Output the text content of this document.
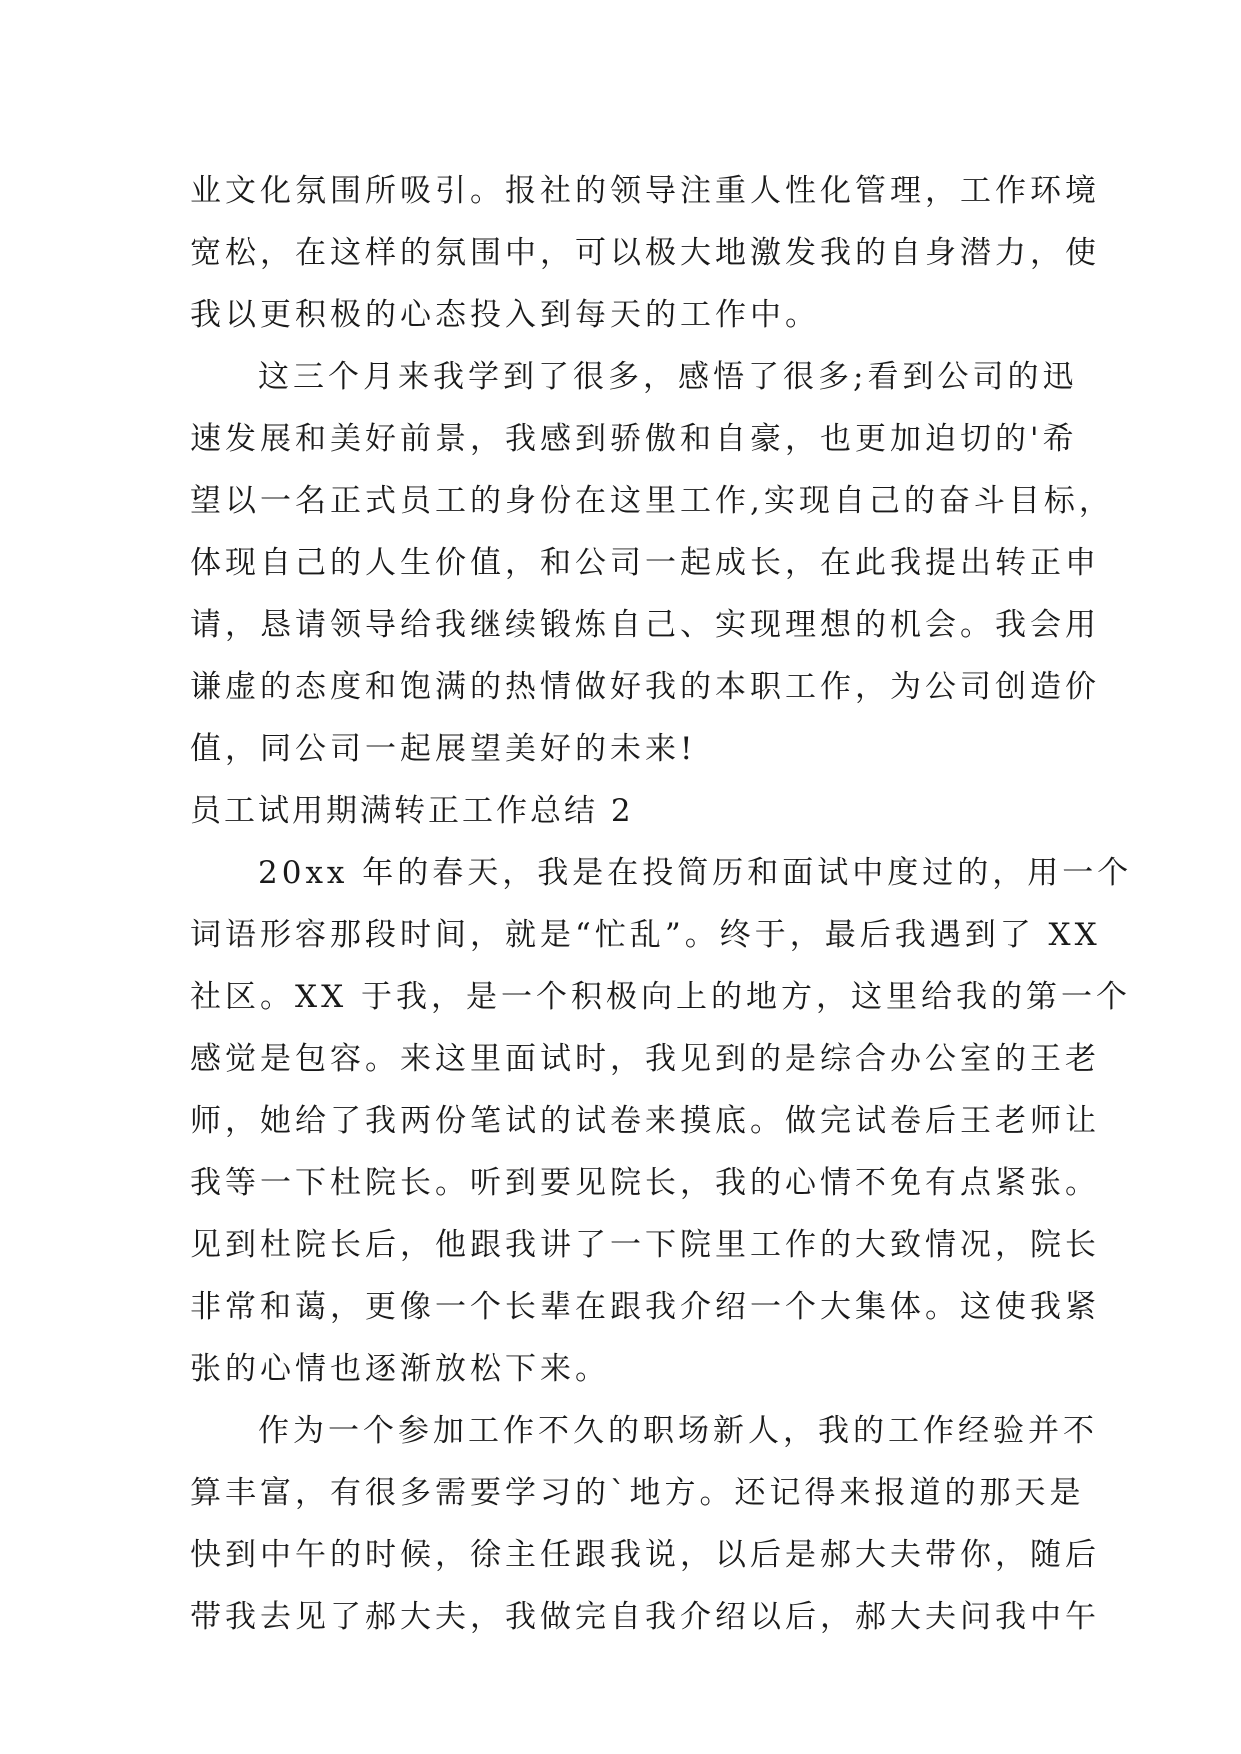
业文化氛围所吸引。报社的领导注重人性化管理，工作环境
宽松，在这样的氛围中，可以极大地激发我的自身潜力，使
我以更积极的心态投入到每天的工作中。
这三个月来我学到了很多，感悟了很多;看到公司的迅
速发展和美好前景，我感到骄傲和自豪，也更加迫切的'希
望以一名正式员工的身份在这里工作,实现自己的奋斗目标，
体现自己的人生价值，和公司一起成长，在此我提出转正申
请，恳请领导给我继续锻炼自己、实现理想的机会。我会用
谦虚的态度和饱满的热情做好我的本职工作，为公司创造价
值，同公司一起展望美好的未来!
员工试用期满转正工作总结 2
20xx 年的春天，我是在投简历和面试中度过的，用一个
词语形容那段时间，就是“忙乱”。终于，最后我遇到了 XX
社区。XX 于我，是一个积极向上的地方，这里给我的第一个
感觉是包容。来这里面试时，我见到的是综合办公室的王老
师，她给了我两份笔试的试卷来摸底。做完试卷后王老师让
我等一下杜院长。听到要见院长，我的心情不免有点紧张。
见到杜院长后，他跟我讲了一下院里工作的大致情况，院长
非常和蔼，更像一个长辈在跟我介绍一个大集体。这使我紧
张的心情也逐渐放松下来。
作为一个参加工作不久的职场新人，我的工作经验并不
算丰富，有很多需要学习的`地方。还记得来报道的那天是
快到中午的时候，徐主任跟我说，以后是郝大夫带你，随后
带我去见了郝大夫，我做完自我介绍以后，郝大夫问我中午
